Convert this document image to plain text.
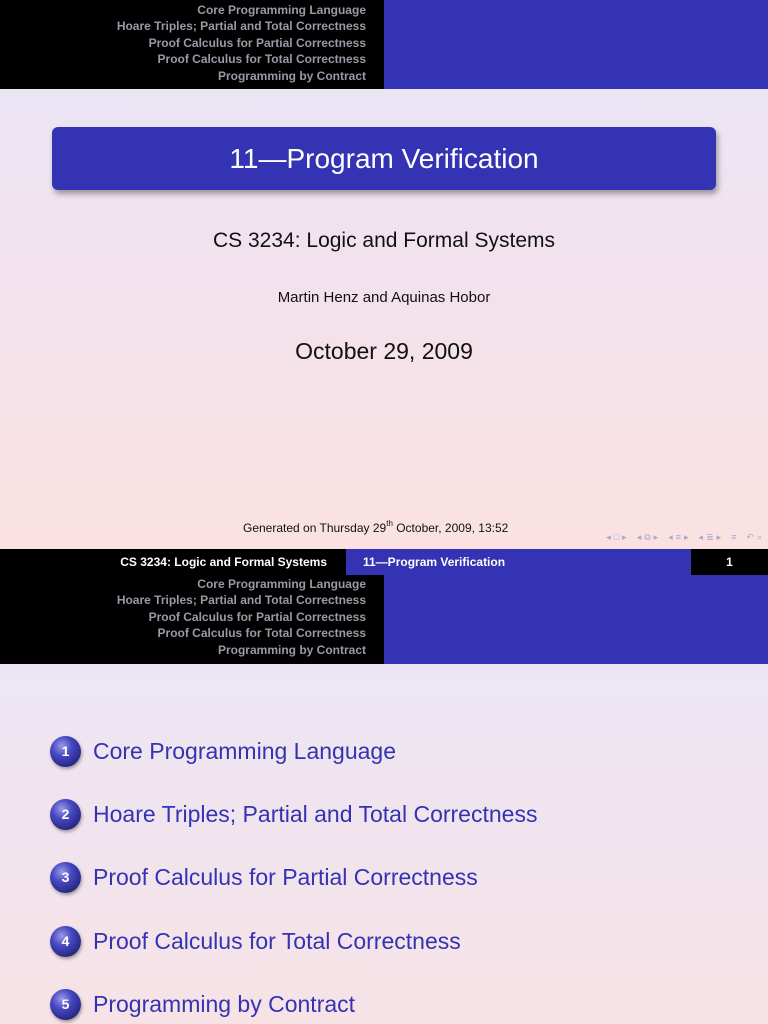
Core Programming Language
Hoare Triples; Partial and Total Correctness
Proof Calculus for Partial Correctness
Proof Calculus for Total Correctness
Programming by Contract
11—Program Verification
CS 3234: Logic and Formal Systems
Martin Henz and Aquinas Hobor
October 29, 2009
Generated on Thursday 29th October, 2009, 13:52
◂ □ ▸ ◂ ⧉ ▸ ◂ ≡ ▸ ◂ ≣ ▸ ≡ ↶ ⌕
CS 3234: Logic and Formal Systems	11—Program Verification	1
Core Programming Language
Hoare Triples; Partial and Total Correctness
Proof Calculus for Partial Correctness
Proof Calculus for Total Correctness
Programming by Contract
1	Core Programming Language
2	Hoare Triples; Partial and Total Correctness
3	Proof Calculus for Partial Correctness
4	Proof Calculus for Total Correctness
5	Programming by Contract
